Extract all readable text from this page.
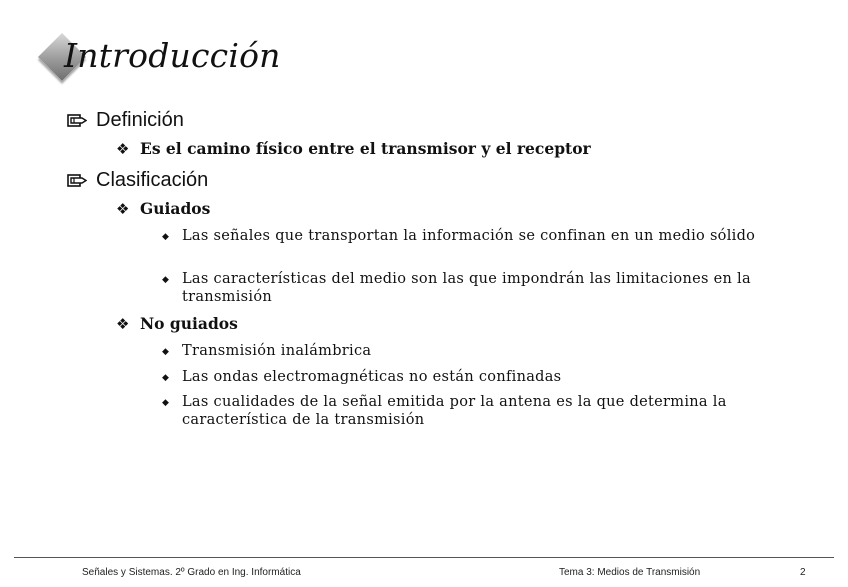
Introducción
Definición
❖ Es el camino físico entre el transmisor y el receptor
Clasificación
❖ Guiados
◆ Las señales que transportan la información se confinan en un medio sólido
◆ Las características del medio son las que impondrán las limitaciones en la transmisión
❖ No guiados
◆ Transmisión inalámbrica
◆ Las ondas electromagnéticas no están confinadas
◆ Las cualidades de la señal emitida por la antena es la que determina la característica de la transmisión
Señales y Sistemas. 2º Grado en Ing. Informática	Tema 3: Medios de Transmisión	2
